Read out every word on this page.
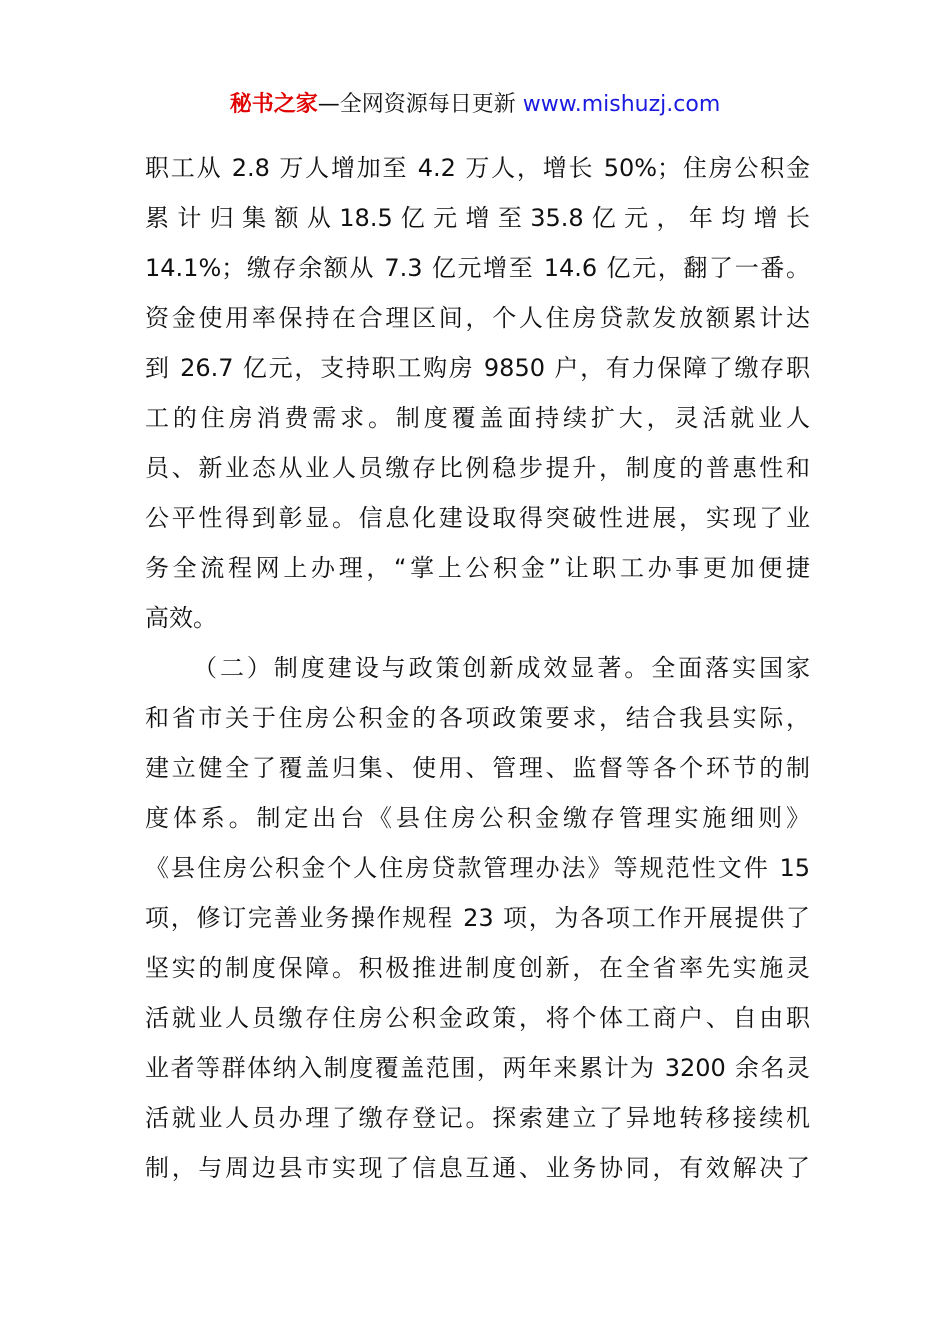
秘书之家—全网资源每日更新 www.mishuzj.com
职工从 2.8 万人增加至 4.2 万人，增长 50%；住房公积金
累 计 归 集 额 从 18.5 亿 元 增 至 35.8 亿 元 ， 年 均 增 长
14.1%；缴存余额从 7.3 亿元增至 14.6 亿元，翻了一番。
资金使用率保持在合理区间，个人住房贷款发放额累计达
到 26.7 亿元，支持职工购房 9850 户，有力保障了缴存职
工的住房消费需求。制度覆盖面持续扩大，灵活就业人
员、新业态从业人员缴存比例稳步提升，制度的普惠性和
公平性得到彰显。信息化建设取得突破性进展，实现了业
务全流程网上办理，“掌上公积金”让职工办事更加便捷
高效。
（二）制度建设与政策创新成效显著。全面落实国家
和省市关于住房公积金的各项政策要求，结合我县实际，
建立健全了覆盖归集、使用、管理、监督等各个环节的制
度体系。制定出台《县住房公积金缴存管理实施细则》
《县住房公积金个人住房贷款管理办法》等规范性文件 15
项，修订完善业务操作规程 23 项，为各项工作开展提供了
坚实的制度保障。积极推进制度创新，在全省率先实施灵
活就业人员缴存住房公积金政策，将个体工商户、自由职
业者等群体纳入制度覆盖范围，两年来累计为 3200 余名灵
活就业人员办理了缴存登记。探索建立了异地转移接续机
制，与周边县市实现了信息互通、业务协同，有效解决了
